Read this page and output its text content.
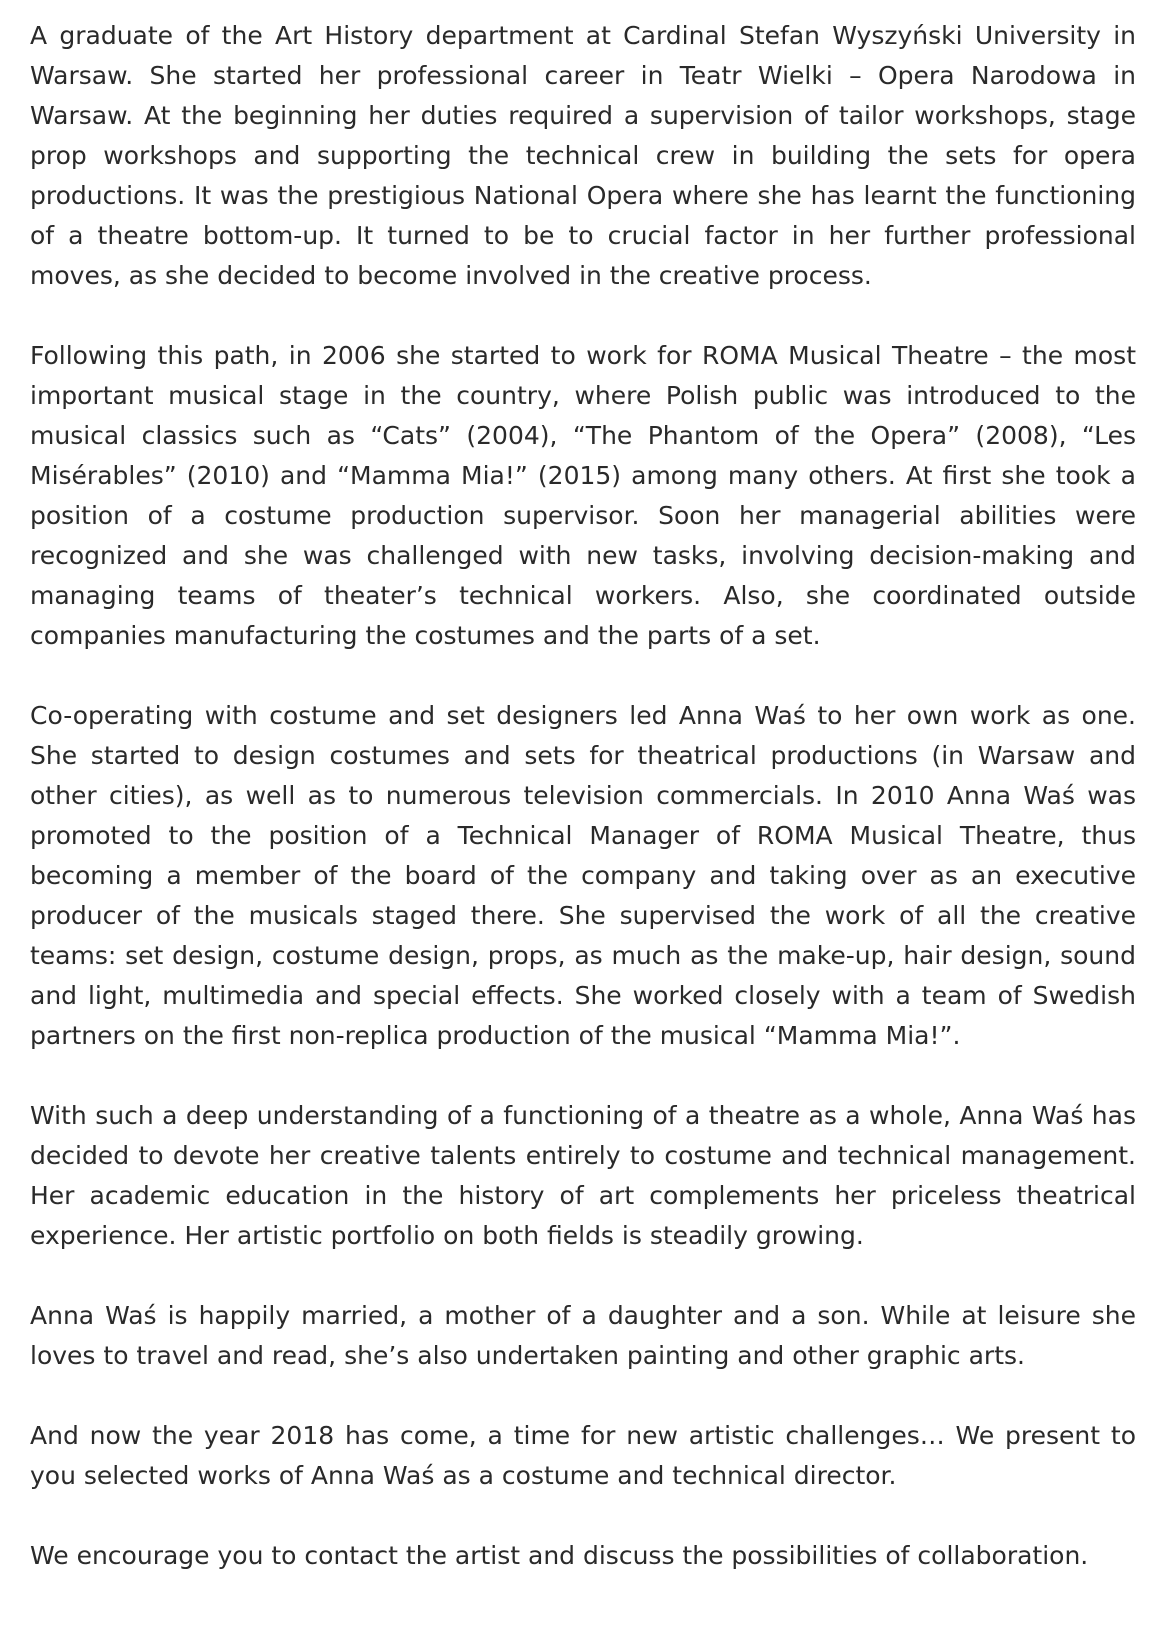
A graduate of the Art History department at Cardinal Stefan Wyszyński University in Warsaw. She started her professional career in Teatr Wielki – Opera Narodowa in Warsaw. At the beginning her duties required a supervision of tailor workshops, stage prop workshops and supporting the technical crew in building the sets for opera productions. It was the prestigious National Opera where she has learnt the functioning of a theatre bottom-up. It turned to be to crucial factor in her further professional moves, as she decided to become involved in the creative process.

Following this path, in 2006 she started to work for ROMA Musical Theatre – the most important musical stage in the country, where Polish public was introduced to the musical classics such as “Cats” (2004), “The Phantom of the Opera” (2008), “Les Misérables” (2010) and “Mamma Mia!” (2015) among many others. At first she took a position of a costume production supervisor. Soon her managerial abilities were recognized and she was challenged with new tasks, involving decision-making and managing teams of theater’s technical workers. Also, she coordinated outside companies manufacturing the costumes and the parts of a set.

Co-operating with costume and set designers led Anna Waś to her own work as one. She started to design costumes and sets for theatrical productions (in Warsaw and other cities), as well as to numerous television commercials. In 2010 Anna Waś was promoted to the position of a Technical Manager of ROMA Musical Theatre, thus becoming a member of the board of the company and taking over as an executive producer of the musicals staged there. She supervised the work of all the creative teams: set design, costume design, props, as much as the make-up, hair design, sound and light, multimedia and special effects. She worked closely with a team of Swedish partners on the first non-replica production of the musical “Mamma Mia!”.

With such a deep understanding of a functioning of a theatre as a whole, Anna Waś has decided to devote her creative talents entirely to costume and technical management. Her academic education in the history of art complements her priceless theatrical experience. Her artistic portfolio on both fields is steadily growing.

Anna Waś is happily married, a mother of a daughter and a son. While at leisure she loves to travel and read, she’s also undertaken painting and other graphic arts.

And now the year 2018 has come, a time for new artistic challenges… We present to you selected works of Anna Waś as a costume and technical director.

We encourage you to contact the artist and discuss the possibilities of collaboration.
